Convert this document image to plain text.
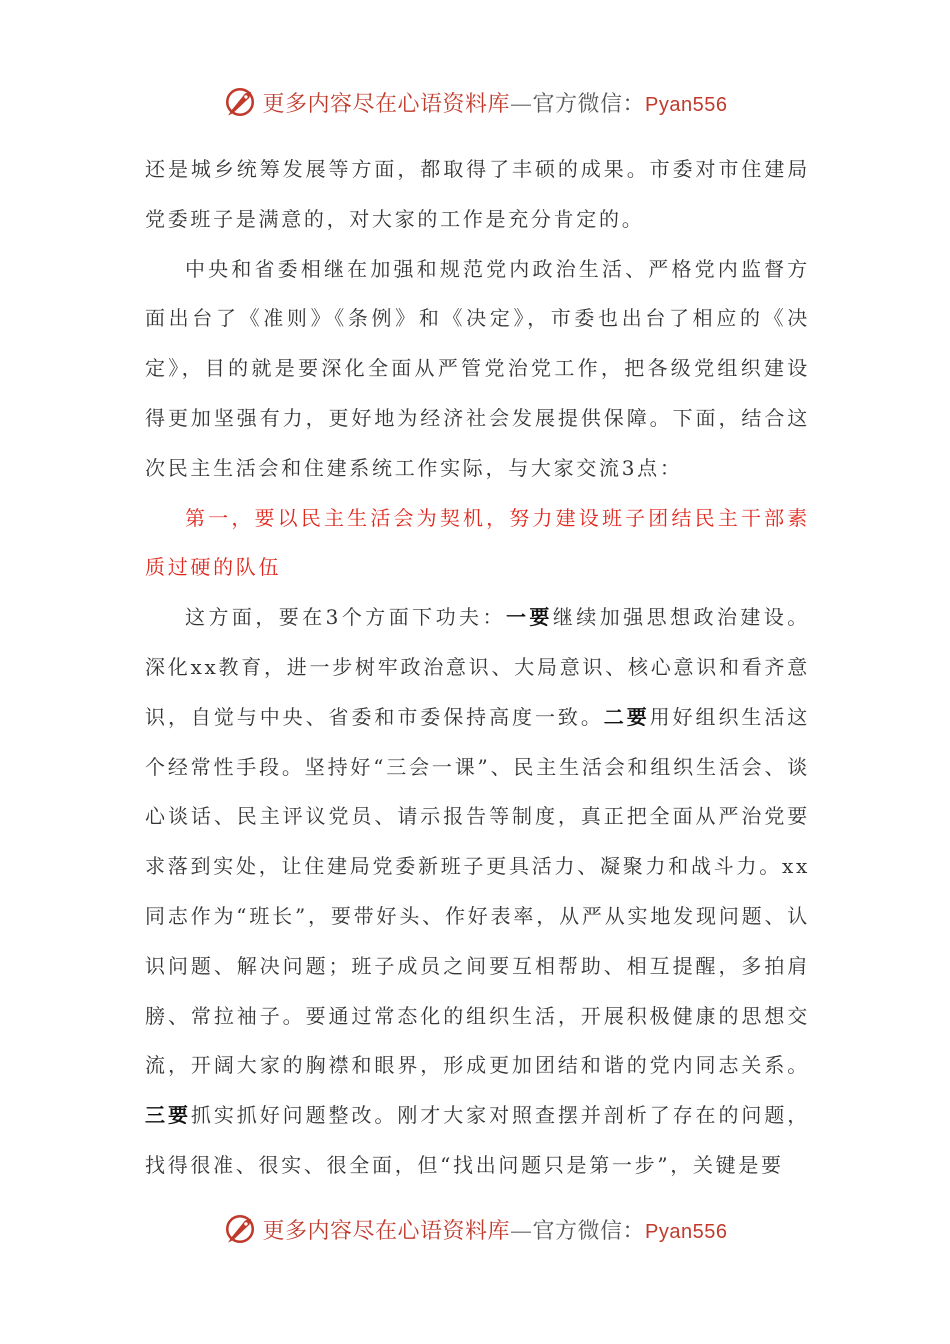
更多内容尽在心语资料库—官方微信：Pyan556

还是城乡统筹发展等方面，都取得了丰硕的成果。市委对市住建局党委班子是满意的，对大家的工作是充分肯定的。

中央和省委相继在加强和规范党内政治生活、严格党内监督方面出台了《准则》《条例》和《决定》，市委也出台了相应的《决定》，目的就是要深化全面从严管党治党工作，把各级党组织建设得更加坚强有力，更好地为经济社会发展提供保障。下面，结合这次民主生活会和住建系统工作实际，与大家交流3点：

第一，要以民主生活会为契机，努力建设班子团结民主干部素质过硬的队伍

这方面，要在3个方面下功夫：一要继续加强思想政治建设。深化xx教育，进一步树牢政治意识、大局意识、核心意识和看齐意识，自觉与中央、省委和市委保持高度一致。二要用好组织生活这个经常性手段。坚持好“三会一课”、民主生活会和组织生活会、谈心谈话、民主评议党员、请示报告等制度，真正把全面从严治党要求落到实处，让住建局党委新班子更具活力、凝聚力和战斗力。xx同志作为“班长”，要带好头、作好表率，从严从实地发现问题、认识问题、解决问题；班子成员之间要互相帮助、相互提醒，多拍肩膀、常拉袖子。要通过常态化的组织生活，开展积极健康的思想交流，开阔大家的胸襟和眼界，形成更加团结和谐的党内同志关系。三要抓实抓好问题整改。刚才大家对照查摆并剖析了存在的问题，找得很准、很实、很全面，但“找出问题只是第一步”，关键是要

更多内容尽在心语资料库—官方微信：Pyan556
